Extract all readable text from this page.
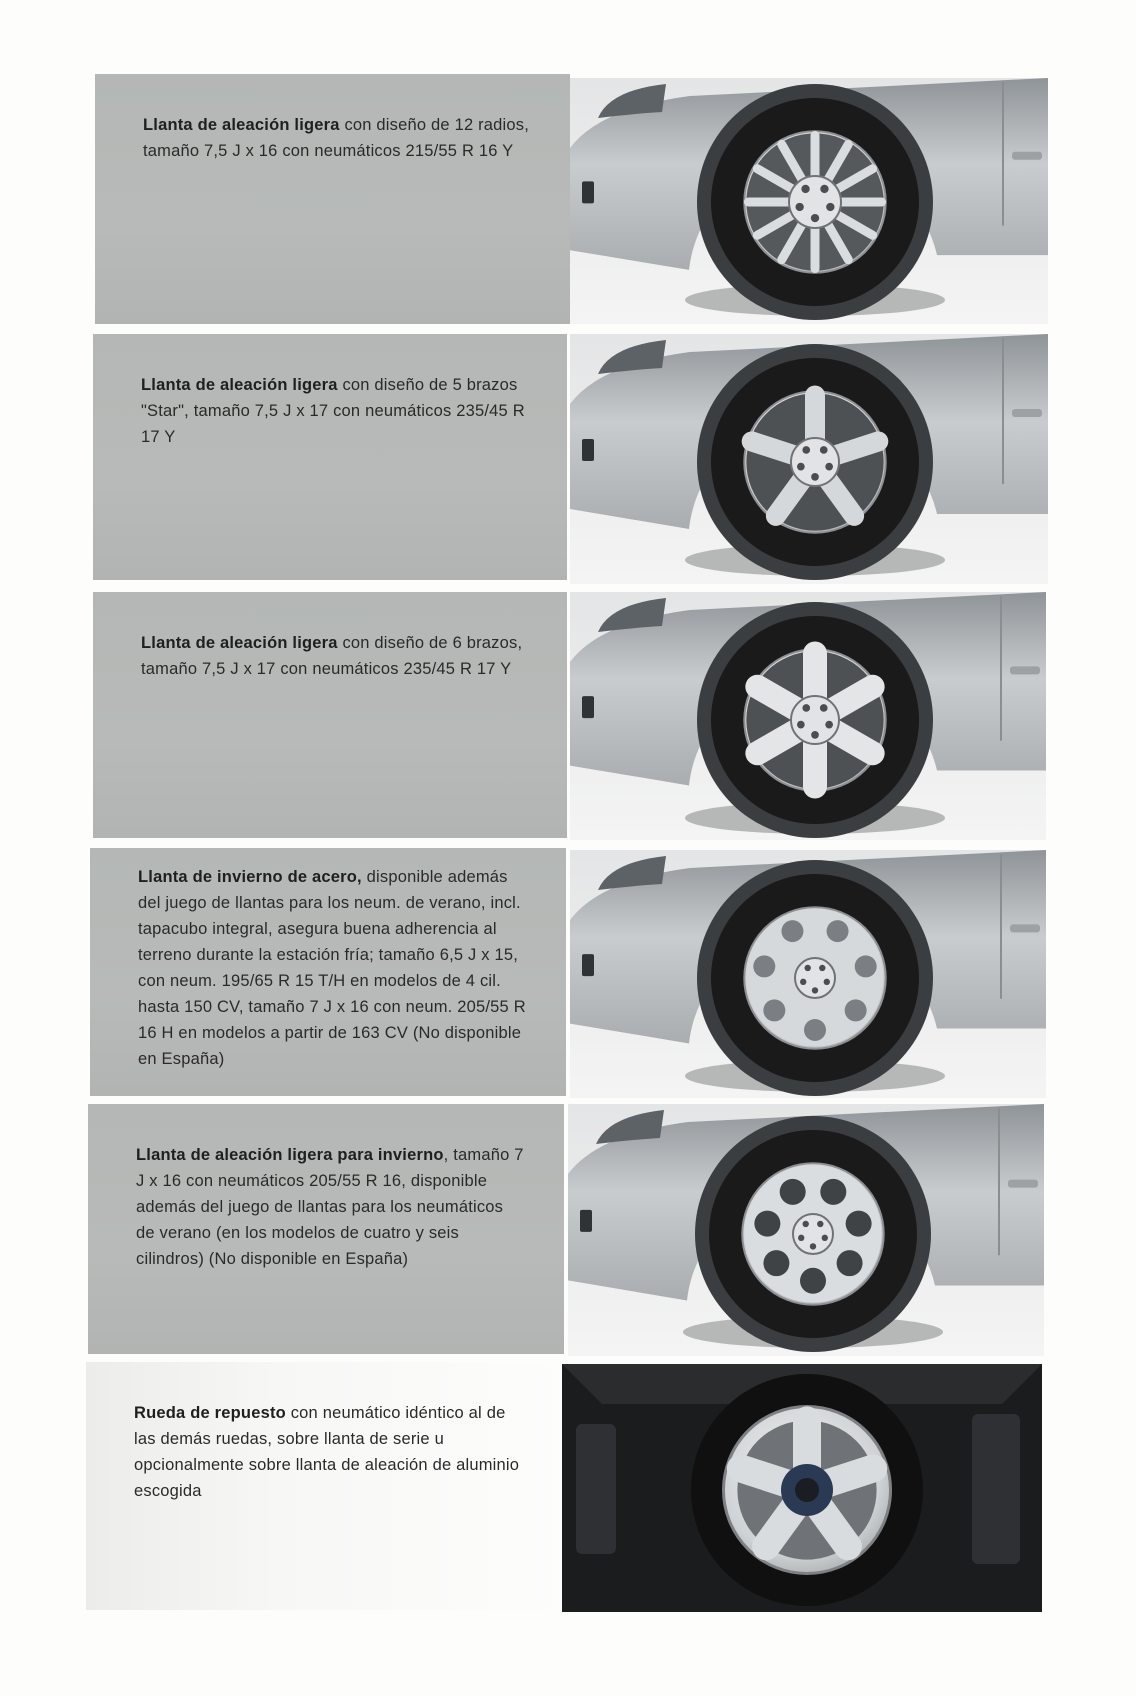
Llanta de aleación ligera con diseño de 12 radios, tamaño 7,5 J x 16 con neumáticos 215/55 R 16 Y
Llanta de aleación ligera con diseño de 5 brazos "Star", tamaño 7,5 J x 17 con neumáticos 235/45 R 17 Y
Llanta de aleación ligera con diseño de 6 brazos, tamaño 7,5 J x 17 con neumáticos 235/45 R 17 Y
Llanta de invierno de acero, disponible además del juego de llantas para los neum. de verano, incl. tapacubo integral, asegura buena adherencia al terreno durante la estación fría; tamaño 6,5 J x 15, con neum. 195/65 R 15 T/H en modelos de 4 cil. hasta 150 CV, tamaño 7 J x 16 con neum. 205/55 R 16 H en modelos a partir de 163 CV (No disponible en España)
Llanta de aleación ligera para invierno, tamaño 7 J x 16 con neumáticos 205/55 R 16, disponible además del juego de llantas para los neumáticos de verano (en los modelos de cuatro y seis cilindros) (No disponible en España)
Rueda de repuesto con neumático idéntico al de las demás ruedas, sobre llanta de serie u opcionalmente sobre llanta de aleación de aluminio escogida
